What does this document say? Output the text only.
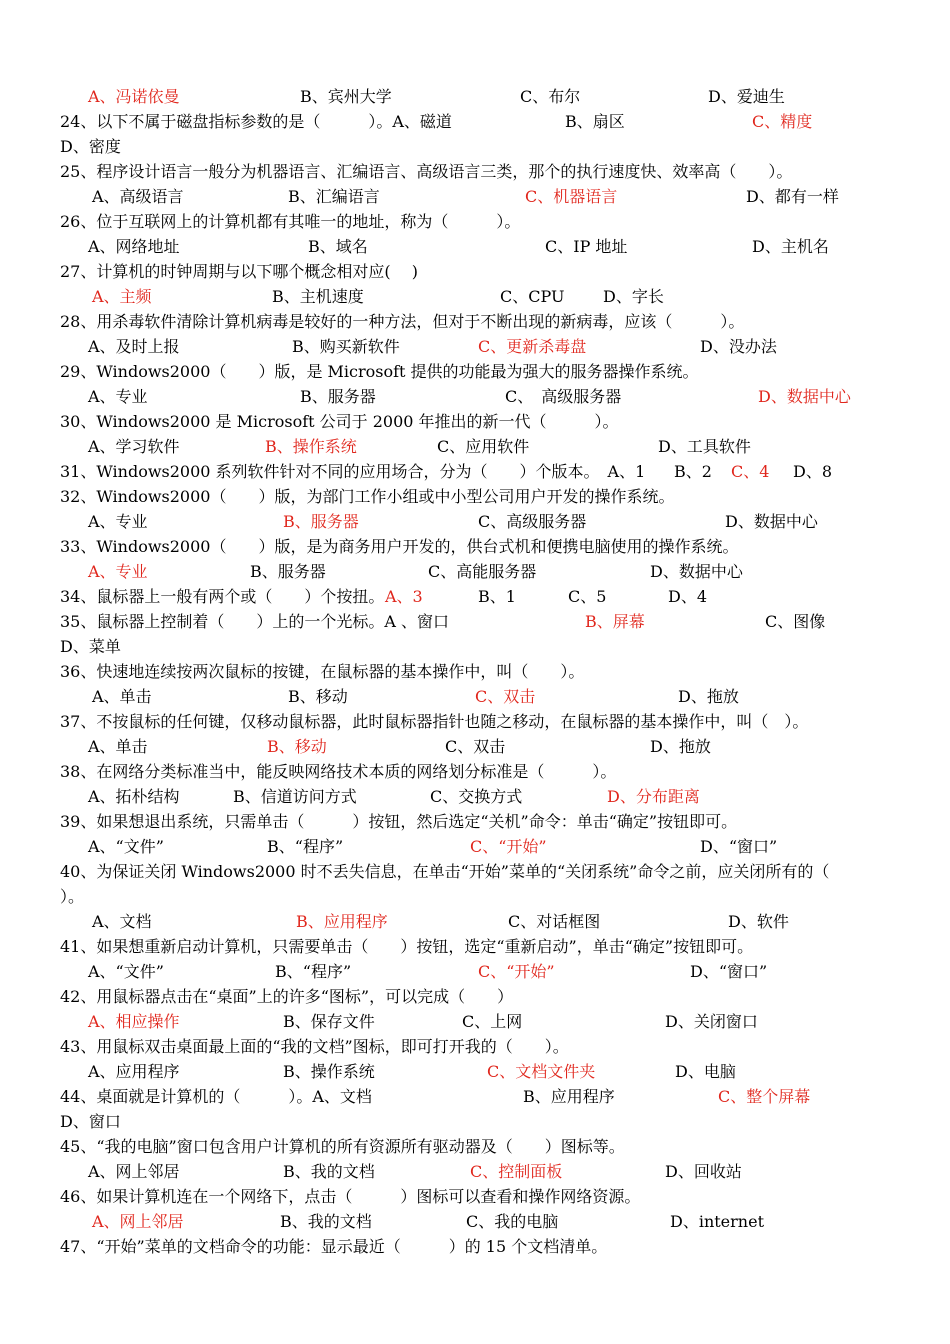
A、冯诺依曼	B、宾州大学	C、布尔	D、爱迪生
24、以下不属于磁盘指标参数的是（　　　）。A、磁道	B、扇区	C、精度
D、密度
25、程序设计语言一般分为机器语言、汇编语言、高级语言三类，那个的执行速度快、效率高（　　）。
A、高级语言	B、汇编语言	C、机器语言	D、都有一样
26、位于互联网上的计算机都有其唯一的地址，称为（　　　）。
A、网络地址	B、域名	C、IP 地址	D、主机名
27、计算机的时钟周期与以下哪个概念相对应(　 )
A、主频	B、主机速度	C、CPU D、字长
28、用杀毒软件清除计算机病毒是较好的一种方法，但对于不断出现的新病毒，应该（　　　）。
A、及时上报	B、购买新软件	C、更新杀毒盘	D、没办法
29、Windows2000（　　）版，是 Microsoft 提供的功能最为强大的服务器操作系统。
A、专业	B、服务器	C、　高级服务器	D、数据中心
30、Windows2000 是 Microsoft 公司于 2000 年推出的新一代（　　　）。
A、学习软件	B、操作系统	C、应用软件	D、工具软件
31、Windows2000 系列软件针对不同的应用场合，分为（　　）个版本。　A、1 B、2 C、4 D、8
32、Windows2000（　　）版，为部门工作小组或中小型公司用户开发的操作系统。
A、专业	B、服务器	C、高级服务器	D、数据中心
33、Windows2000（　　）版，是为商务用户开发的，供台式机和便携电脑使用的操作系统。
A、专业	B、服务器	C、高能服务器	D、数据中心
34、鼠标器上一般有两个或（　　）个按扭。 A、3	B、1	C、5	D、4
35、鼠标器上控制着（　　）上的一个光标。A 、窗口	B、屏幕	C、图像
D、菜单
36、快速地连续按两次鼠标的按键，在鼠标器的基本操作中，叫（　　）。
A、单击	B、移动	C、双击	D、拖放
37、不按鼠标的任何键，仅移动鼠标器，此时鼠标器指针也随之移动，在鼠标器的基本操作中，叫（　）。
A、单击	B、移动	C、双击	D、拖放
38、在网络分类标准当中，能反映网络技术本质的网络划分标准是（　　　）。
A、拓朴结构	B、信道访问方式	C、交换方式	D、分布距离
39、如果想退出系统，只需单击（　　　）按钮，然后选定“关机”命令：单击“确定”按钮即可。
A、“文件”	B、“程序”	C、“开始”	D、“窗口”
40、为保证关闭 Windows2000 时不丢失信息，在单击“开始”菜单的“关闭系统”命令之前，应关闭所有的（
）。
A、文档	B、应用程序	C、对话框图	D、软件
41、如果想重新启动计算机，只需要单击（　　）按钮，选定“重新启动”，单击“确定”按钮即可。
A、“文件”	B、“程序”	C、“开始”	D、“窗口”
42、用鼠标器点击在“桌面”上的许多“图标”，可以完成（　　）
A、相应操作	B、保存文件	C、上网	D、关闭窗口
43、用鼠标双击桌面最上面的“我的文档”图标，即可打开我的（　　）。
A、应用程序	B、操作系统	C、文档文件夹	D、电脑
44、桌面就是计算机的（　　　）。A、文档	B、应用程序	C、整个屏幕
D、窗口
45、“我的电脑”窗口包含用户计算机的所有资源所有驱动器及（　　）图标等。
A、网上邻居	B、我的文档	C、控制面板	D、回收站
46、如果计算机连在一个网络下，点击（　　　）图标可以查看和操作网络资源。
A、网上邻居	B、我的文档	C、我的电脑	D、internet
47、“开始”菜单的文档命令的功能：显示最近（　　　）的 15 个文档清单。
